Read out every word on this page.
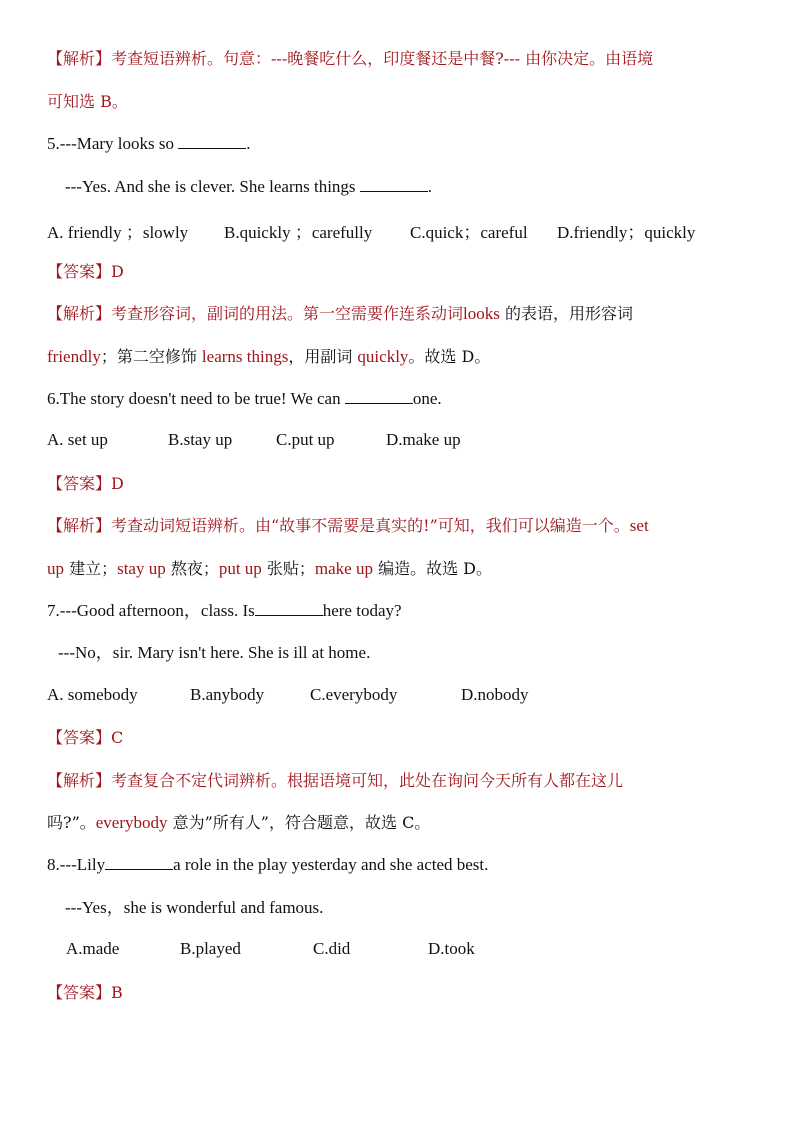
【解析】考查短语辨析。句意：---晚餐吃什么，印度餐还是中餐?--- 由你决定。由语境
可知选 B。
5.---Mary looks so	.
---Yes. And she is clever. She learns things	.
A. friendly ；slowly B.quickly ；carefully C.quick；careful D.friendly；quickly
【答案】D
【解析】考查形容词，副词的用法。第一空需要作连系动词looks 的表语，用形容词
friendly；第二空修饰 learns things，用副词 quickly。故选 D。
6.The story doesn't need to be true! We can	one.
A. set up	B.stay up	C.put up	D.make up
【答案】D
【解析】考查动词短语辨析。由“故事不需要是真实的!”可知，我们可以编造一个。set
up 建立；stay up 熬夜；put up 张贴；make up 编造。故选 D。
7.---Good afternoon，class. Is	here today?
---No，sir. Mary isn't here. She is ill at home.
A. somebody	B.anybody	C.everybody	D.nobody
【答案】C
【解析】考查复合不定代词辨析。根据语境可知，此处在询问今天所有人都在这儿
吗?”。everybody 意为”所有人”，符合题意，故选 C。
8.---Lily	a role in the play yesterday and she acted best.
---Yes，she is wonderful and famous.
A.made	B.played	C.did	D.took
【答案】B
